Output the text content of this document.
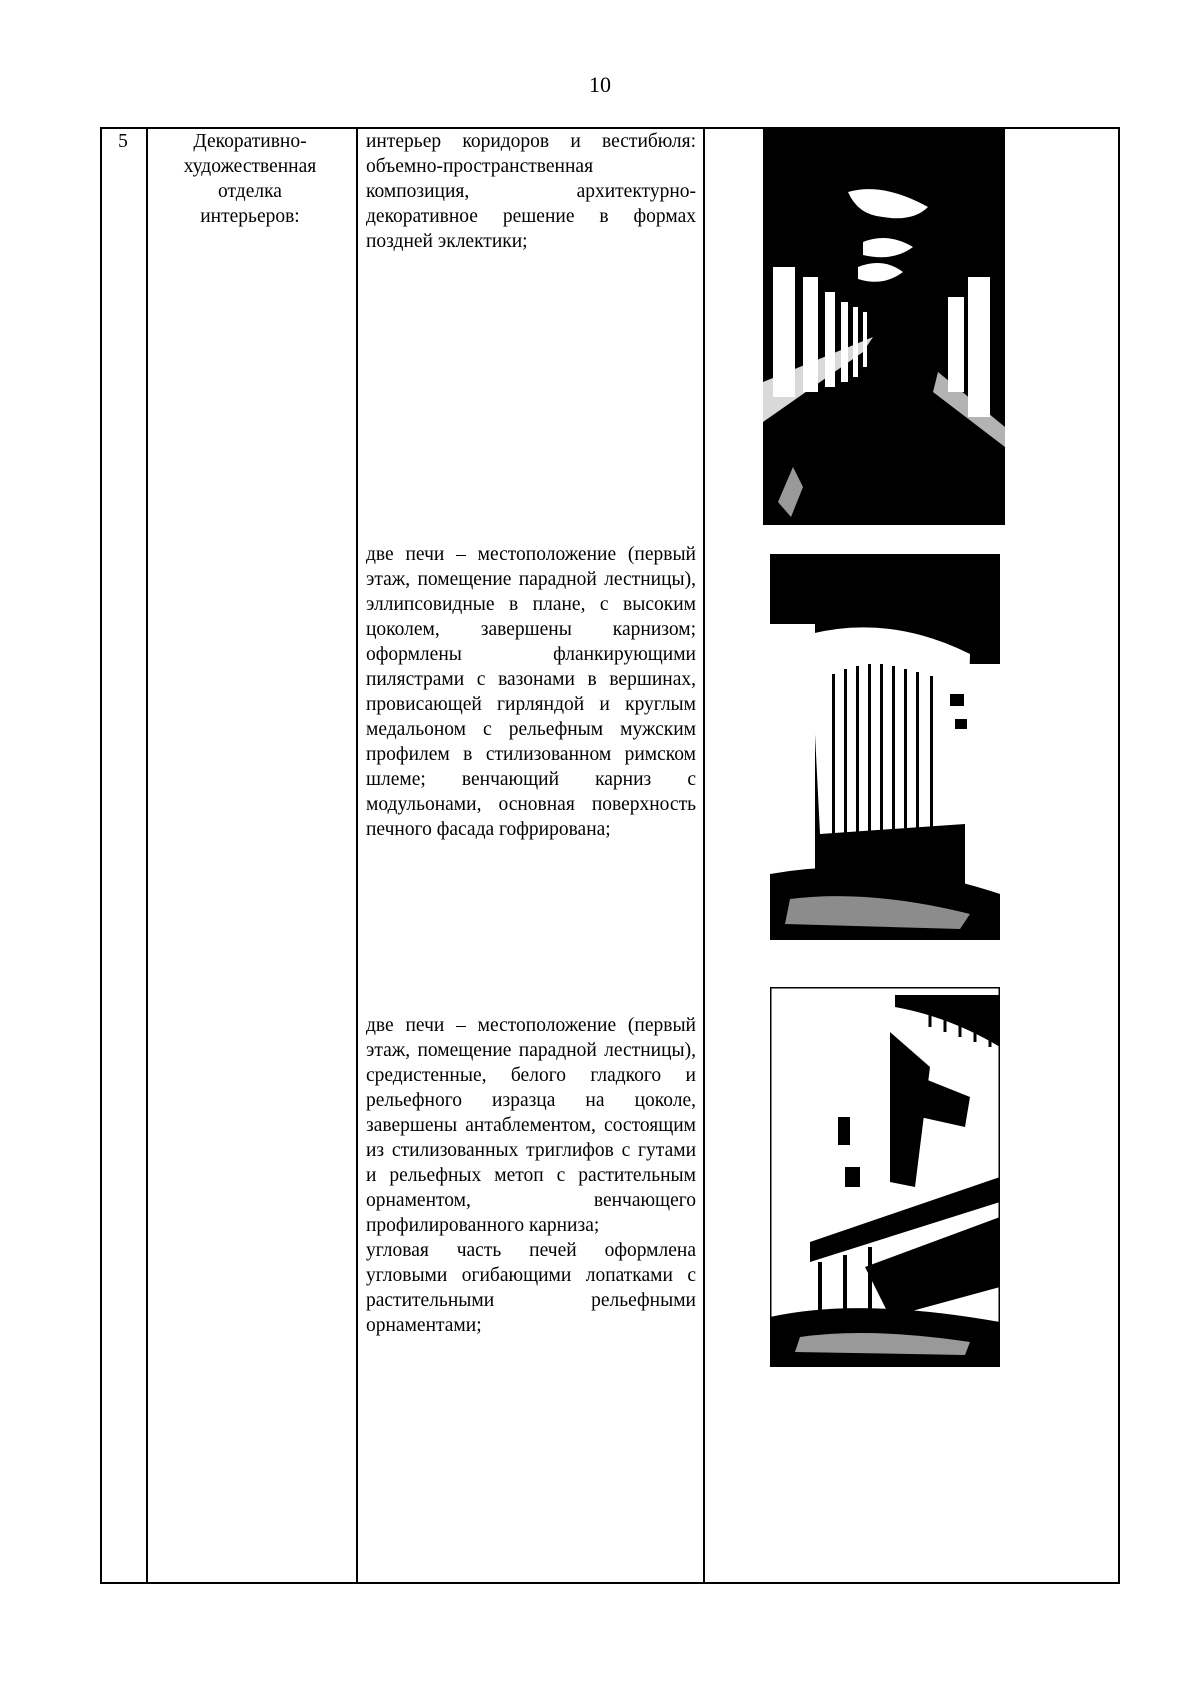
10
5	Декоративно-
художественная
отделка
интерьеров:

интерьер коридоров и вестибюля: объемно-пространственная композиция, архитектурно-декоративное решение в формах поздней эклектики;

две печи – местоположение (первый этаж, помещение парадной лестницы), эллипсовидные в плане, с высоким цоколем, завершены карнизом; оформлены фланкирующими пилястрами с вазонами в вершинах, провисающей гирляндой и круглым медальоном с рельефным мужским профилем в стилизованном римском шлеме; венчающий карниз с модульонами, основная поверхность печного фасада гофрирована;

две печи – местоположение (первый этаж, помещение парадной лестницы), средистенные, белого гладкого и рельефного изразца на цоколе, завершены антаблементом, состоящим из стилизованных триглифов с гутами и рельефных метоп с растительным орнаментом, венчающего профилированного карниза;

угловая часть печей оформлена угловыми огибающими лопатками с растительными рельефными орнаментами;
